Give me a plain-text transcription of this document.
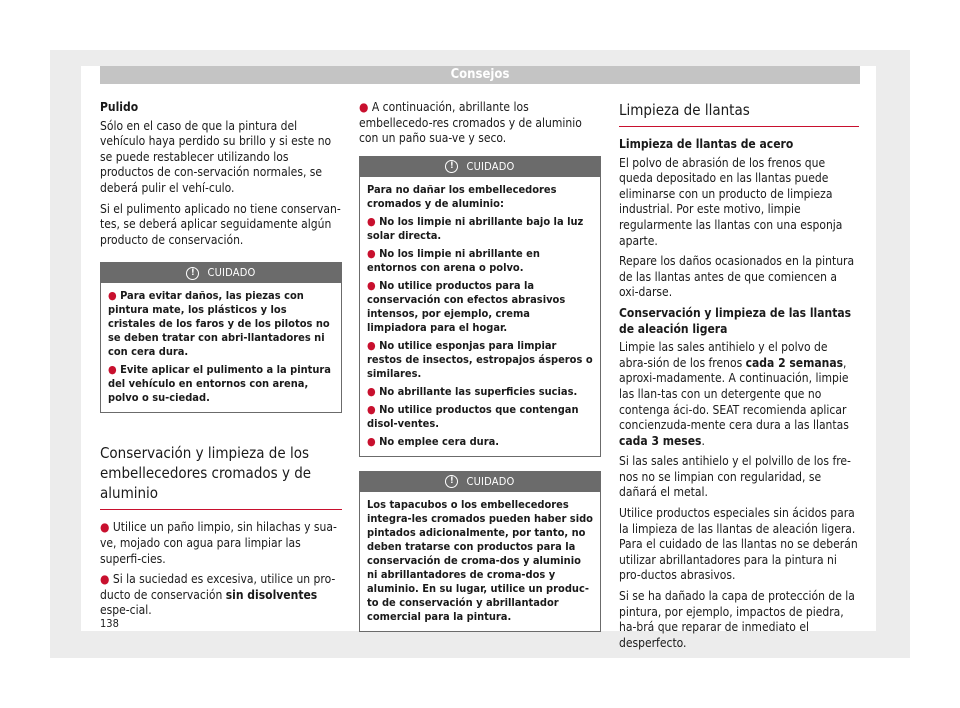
Consejos

Pulido

Sólo en el caso de que la pintura del vehículo haya perdido su brillo y si este no se puede restablecer utilizando los productos de con-servación normales, se deberá pulir el vehí-culo.

Si el pulimento aplicado no tiene conservan-tes, se deberá aplicar seguidamente algún producto de conservación.

!	CUIDADO

● Para evitar daños, las piezas con pintura mate, los plásticos y los cristales de los faros y de los pilotos no se deben tratar con abri-llantadores ni con cera dura.

● Evite aplicar el pulimento a la pintura del vehículo en entornos con arena, polvo o su-ciedad.

Conservación y limpieza de los embellecedores cromados y de aluminio

● Utilice un paño limpio, sin hilachas y sua-ve, mojado con agua para limpiar las superfi-cies.

● Si la suciedad es excesiva, utilice un pro-ducto de conservación sin disolventes espe-cial.

● A continuación, abrillante los embellecedo-res cromados y de aluminio con un paño sua-ve y seco.

!	CUIDADO

Para no dañar los embellecedores cromados y de aluminio:

● No los limpie ni abrillante bajo la luz solar directa.

● No los limpie ni abrillante en entornos con arena o polvo.

● No utilice productos para la conservación con efectos abrasivos intensos, por ejemplo, crema limpiadora para el hogar.

● No utilice esponjas para limpiar restos de insectos, estropajos ásperos o similares.

● No abrillante las superficies sucias.

● No utilice productos que contengan disol-ventes.

● No emplee cera dura.

!	CUIDADO

Los tapacubos o los embellecedores integra-les cromados pueden haber sido pintados adicionalmente, por tanto, no deben tratarse con productos para la conservación de croma-dos y aluminio ni abrillantadores de croma-dos y aluminio. En su lugar, utilice un produc-to de conservación y abrillantador comercial para la pintura.

Limpieza de llantas

Limpieza de llantas de acero

El polvo de abrasión de los frenos que queda depositado en las llantas puede eliminarse con un producto de limpieza industrial. Por este motivo, limpie regularmente las llantas con una esponja aparte.

Repare los daños ocasionados en la pintura de las llantas antes de que comiencen a oxi-darse.

Conservación y limpieza de las llantas de aleación ligera

Limpie las sales antihielo y el polvo de abra-sión de los frenos cada 2 semanas, aproxi-madamente. A continuación, limpie las llan-tas con un detergente que no contenga áci-do. SEAT recomienda aplicar concienzuda-mente cera dura a las llantas cada 3 meses.

Si las sales antihielo y el polvillo de los fre-nos no se limpian con regularidad, se dañará el metal.

Utilice productos especiales sin ácidos para la limpieza de las llantas de aleación ligera. Para el cuidado de las llantas no se deberán utilizar abrillantadores para la pintura ni pro-ductos abrasivos.

Si se ha dañado la capa de protección de la pintura, por ejemplo, impactos de piedra, ha-brá que reparar de inmediato el desperfecto.

138
